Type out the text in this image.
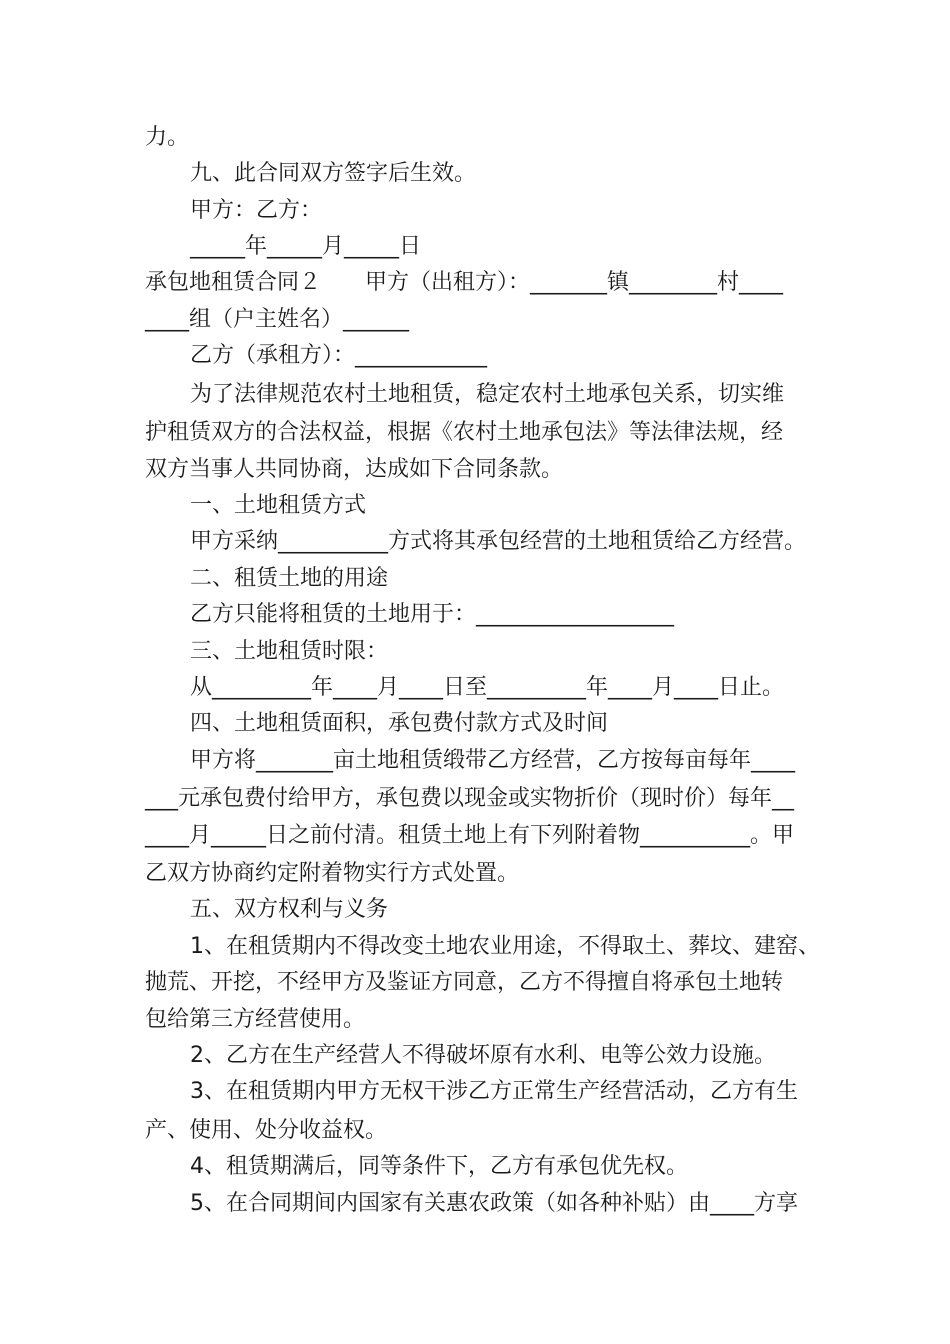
力。
九、此合同双方签字后生效。
甲方：乙方：
_____年_____月_____日
承包地租赁合同２　　甲方（出租方）：_______镇________村____
____组（户主姓名）______
乙方（承租方）：____________
为了法律规范农村土地租赁，稳定农村土地承包关系，切实维
护租赁双方的合法权益，根据《农村土地承包法》等法律法规，经
双方当事人共同协商，达成如下合同条款。
一、土地租赁方式
甲方采纳__________方式将其承包经营的土地租赁给乙方经营。
二、租赁土地的用途
乙方只能将租赁的土地用于：__________________
三、土地租赁时限：
从_________年____月____日至_________年____月____日止。
四、土地租赁面积，承包费付款方式及时间
甲方将_______亩土地租赁缎带乙方经营，乙方按每亩每年____
___元承包费付给甲方，承包费以现金或实物折价（现时价）每年__
____月_____日之前付清。租赁土地上有下列附着物__________。甲
乙双方协商约定附着物实行方式处置。
五、双方权利与义务
1、在租赁期内不得改变土地农业用途，不得取土、葬坟、建窑、
抛荒、开挖，不经甲方及鉴证方同意，乙方不得擅自将承包土地转
包给第三方经营使用。
2、乙方在生产经营人不得破坏原有水利、电等公效力设施。
3、在租赁期内甲方无权干涉乙方正常生产经营活动，乙方有生
产、使用、处分收益权。
4、租赁期满后，同等条件下，乙方有承包优先权。
5、在合同期间内国家有关惠农政策（如各种补贴）由____方享
